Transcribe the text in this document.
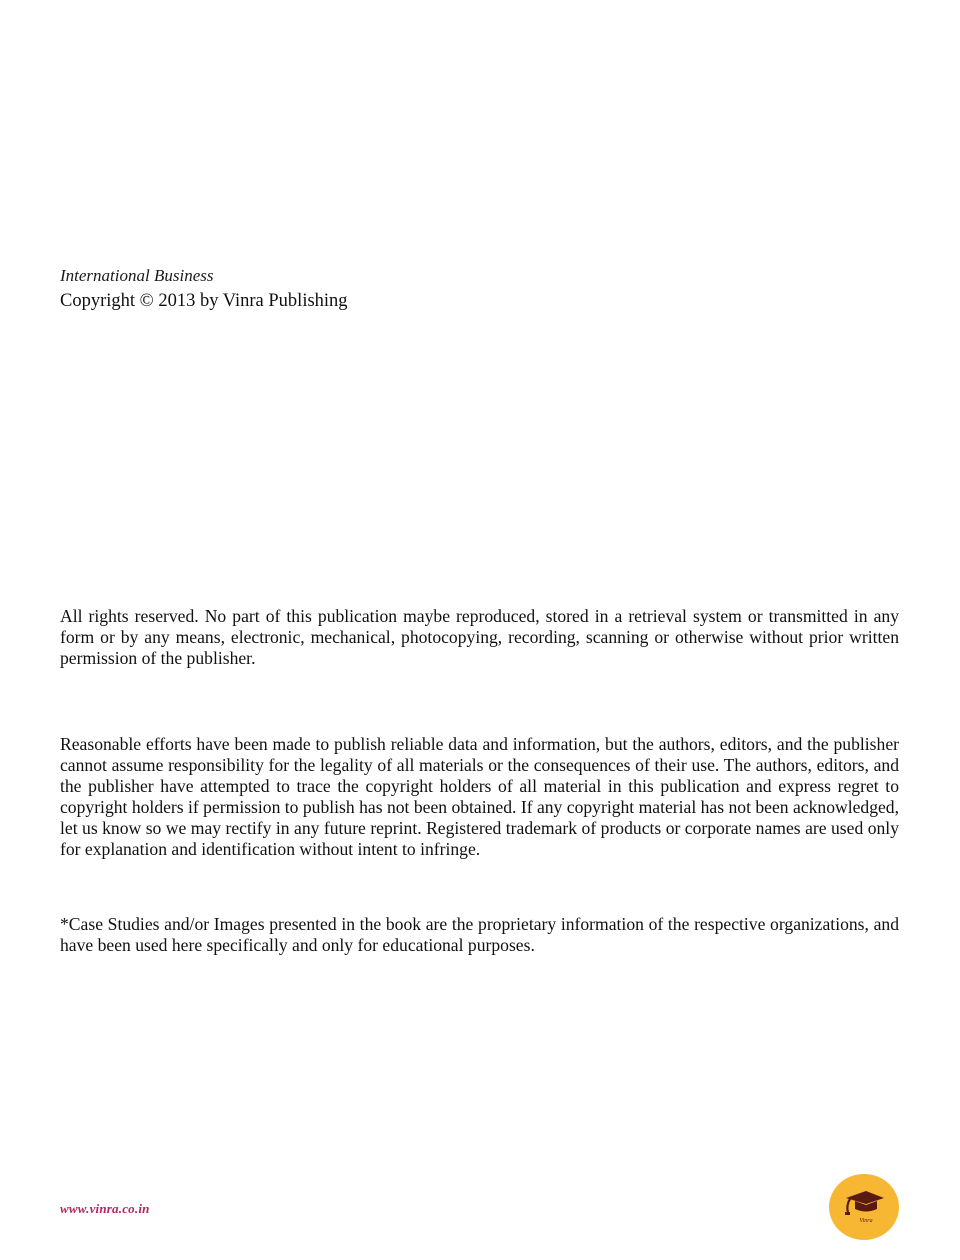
International Business

Copyright © 2013 by Vinra Publishing

All rights reserved. No part of this publication maybe reproduced, stored in a retrieval system or transmitted in any form or by any means, electronic, mechanical, photocopying, recording, scanning or otherwise without prior written permission of the publisher.

Reasonable efforts have been made to publish reliable data and information, but the authors, editors, and the publisher cannot assume responsibility for the legality of all materials or the consequences of their use. The authors, editors, and the publisher have attempted to trace the copyright holders of all material in this publication and express regret to copyright holders if permission to publish has not been obtained. If any copyright material has not been acknowledged, let us know so we may rectify in any future reprint. Registered trademark of products or corporate names are used only for explanation and identification without intent to infringe.

*Case Studies and/or Images presented in the book are the proprietary information of the respective organizations, and have been used here specifically and only for educational purposes.

www.vinra.co.in
Vinra
